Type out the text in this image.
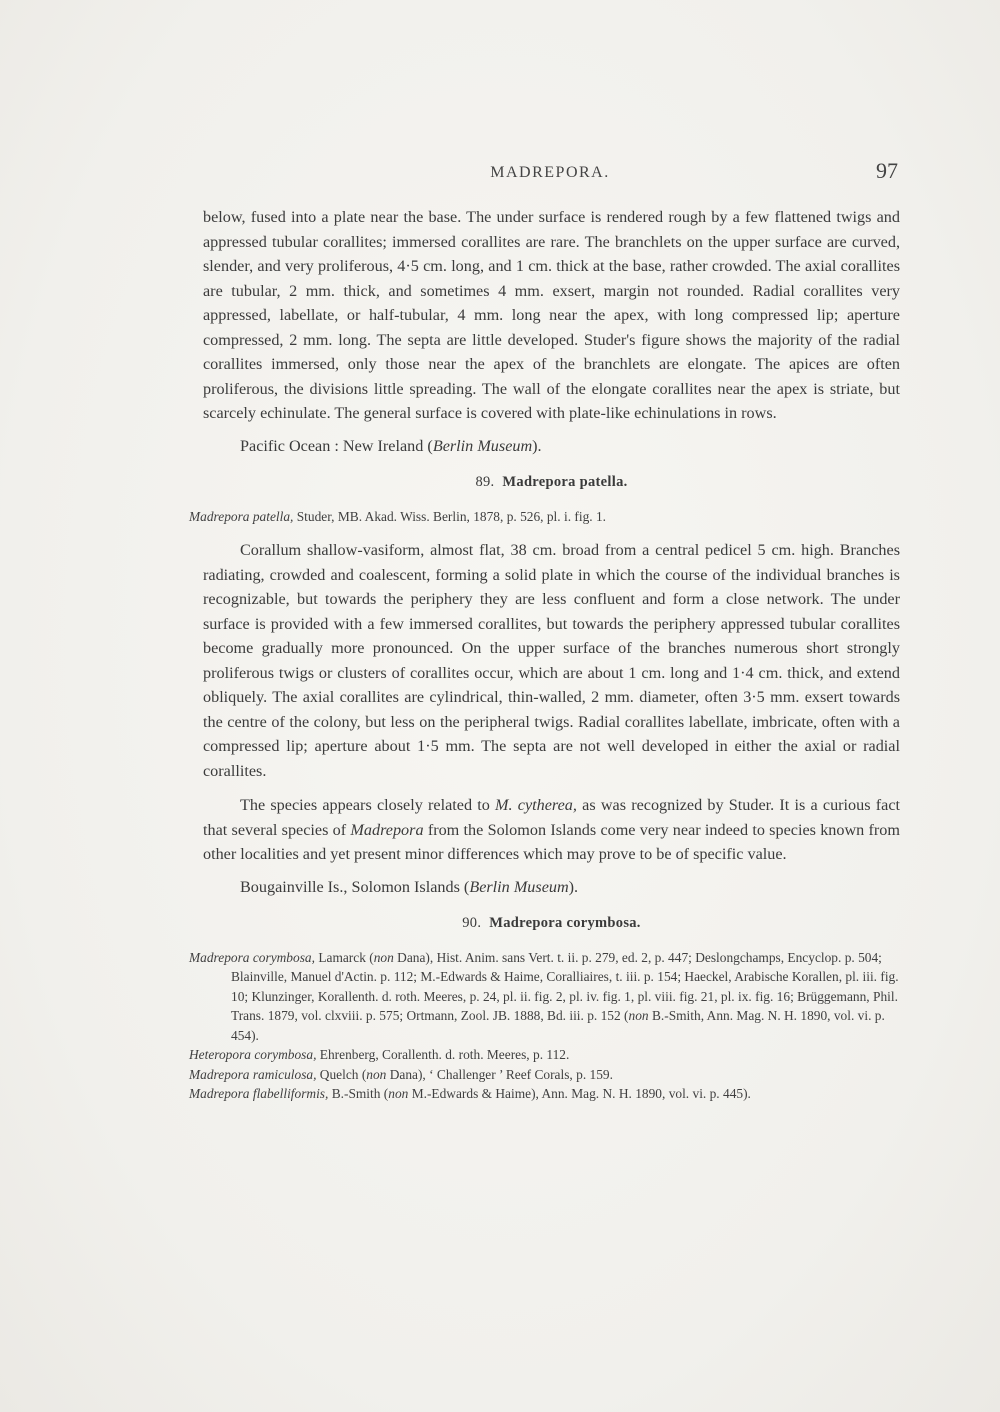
MADREPORA.	97

below, fused into a plate near the base. The under surface is rendered rough by a few flattened twigs and appressed tubular corallites; immersed corallites are rare. The branchlets on the upper surface are curved, slender, and very proliferous, 4·5 cm. long, and 1 cm. thick at the base, rather crowded. The axial corallites are tubular, 2 mm. thick, and sometimes 4 mm. exsert, margin not rounded. Radial corallites very appressed, labellate, or half-tubular, 4 mm. long near the apex, with long compressed lip; aperture compressed, 2 mm. long. The septa are little developed. Studer's figure shows the majority of the radial corallites immersed, only those near the apex of the branchlets are elongate. The apices are often proliferous, the divisions little spreading. The wall of the elongate corallites near the apex is striate, but scarcely echinulate. The general surface is covered with plate-like echinulations in rows.

Pacific Ocean : New Ireland (Berlin Museum).

89. Madrepora patella.

Madrepora patella, Studer, MB. Akad. Wiss. Berlin, 1878, p. 526, pl. i. fig. 1.

Corallum shallow-vasiform, almost flat, 38 cm. broad from a central pedicel 5 cm. high. Branches radiating, crowded and coalescent, forming a solid plate in which the course of the individual branches is recognizable, but towards the periphery they are less confluent and form a close network. The under surface is provided with a few immersed corallites, but towards the periphery appressed tubular corallites become gradually more pronounced. On the upper surface of the branches numerous short strongly proliferous twigs or clusters of corallites occur, which are about 1 cm. long and 1·4 cm. thick, and extend obliquely. The axial corallites are cylindrical, thin-walled, 2 mm. diameter, often 3·5 mm. exsert towards the centre of the colony, but less on the peripheral twigs. Radial corallites labellate, imbricate, often with a compressed lip; aperture about 1·5 mm. The septa are not well developed in either the axial or radial corallites.

The species appears closely related to M. cytherea, as was recognized by Studer. It is a curious fact that several species of Madrepora from the Solomon Islands come very near indeed to species known from other localities and yet present minor differences which may prove to be of specific value.

Bougainville Is., Solomon Islands (Berlin Museum).

90. Madrepora corymbosa.

Madrepora corymbosa, Lamarck (non Dana), Hist. Anim. sans Vert. t. ii. p. 279, ed. 2, p. 447; Deslongchamps, Encyclop. p. 504; Blainville, Manuel d'Actin. p. 112; M.-Edwards & Haime, Coralliaires, t. iii. p. 154; Haeckel, Arabische Korallen, pl. iii. fig. 10; Klunzinger, Korallenth. d. roth. Meeres, p. 24, pl. ii. fig. 2, pl. iv. fig. 1, pl. viii. fig. 21, pl. ix. fig. 16; Brüggemann, Phil. Trans. 1879, vol. clxviii. p. 575; Ortmann, Zool. JB. 1888, Bd. iii. p. 152 (non B.-Smith, Ann. Mag. N. H. 1890, vol. vi. p. 454).

Heteropora corymbosa, Ehrenberg, Corallenth. d. roth. Meeres, p. 112.

Madrepora ramiculosa, Quelch (non Dana), ‘ Challenger ’ Reef Corals, p. 159.

Madrepora flabelliformis, B.-Smith (non M.-Edwards & Haime), Ann. Mag. N. H. 1890, vol. vi. p. 445).
